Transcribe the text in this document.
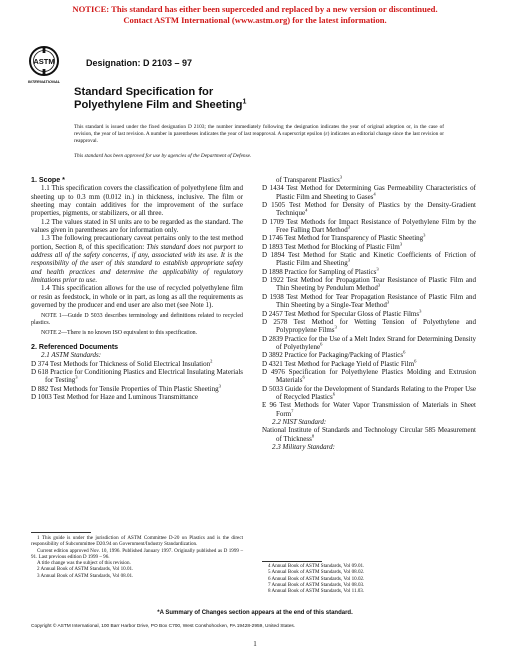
NOTICE: This standard has either been superceded and replaced by a new version or discontinued.
Contact ASTM International (www.astm.org) for the latest information.
ASTM
INTERNATIONAL
Designation: D 2103 – 97
Standard Specification for
Polyethylene Film and Sheeting$^1$
This standard is issued under the fixed designation D 2103; the number immediately following the designation indicates the year of original adoption or, in the case of revision, the year of last revision. A number in parentheses indicates the year of last reapproval. A superscript epsilon (ε) indicates an editorial change since the last revision or reapproval.
This standard has been approved for use by agencies of the Department of Defense.

1. Scope *

1.1 This specification covers the classification of polyethylene film and sheeting up to 0.3 mm (0.012 in.) in thickness, inclusive. The film or sheeting may contain additives for the improvement of the surface properties, pigments, or stabilizers, or all three.

1.2 The values stated in SI units are to be regarded as the standard. The values given in parentheses are for information only.

1.3 The following precautionary caveat pertains only to the test method portion, Section 8, of this specification: This standard does not purport to address all of the safety concerns, if any, associated with its use. It is the responsibility of the user of this standard to establish appropriate safety and health practices and determine the applicability of regulatory limitations prior to use.

1.4 This specification allows for the use of recycled polyethylene film or resin as feedstock, in whole or in part, as long as all the requirements as governed by the producer and end user are also met (see Note 1).

NOTE 1—Guide D 5033 describes terminology and definitions related to recycled plastics.

NOTE 2—There is no known ISO equivalent to this specification.

2. Referenced Documents

2.1 ASTM Standards:

D 374 Test Methods for Thickness of Solid Electrical Insulation$^2$

D 618 Practice for Conditioning Plastics and Electrical Insulating Materials for Testing$^3$

D 882 Test Methods for Tensile Properties of Thin Plastic Sheeting$^3$

D 1003 Test Method for Haze and Luminous Transmittance

of Transparent Plastics$^3$

D 1434 Test Method for Determining Gas Permeability Characteristics of Plastic Film and Sheeting to Gases$^4$

D 1505 Test Method for Density of Plastics by the Density-Gradient Technique$^4$

D 1709 Test Methods for Impact Resistance of Polyethylene Film by the Free Falling Dart Method$^3$

D 1746 Test Method for Transparency of Plastic Sheeting$^3$

D 1893 Test Method for Blocking of Plastic Film$^3$

D 1894 Test Method for Static and Kinetic Coefficients of Friction of Plastic Film and Sheeting$^3$

D 1898 Practice for Sampling of Plastics$^3$

D 1922 Test Method for Propagation Tear Resistance of Plastic Film and Thin Sheeting by Pendulum Method$^3$

D 1938 Test Method for Tear Propagation Resistance of Plastic Film and Thin Sheeting by a Single-Tear Method$^3$

D 2457 Test Method for Specular Gloss of Plastic Films$^3$

D 2578 Test Method for Wetting Tension of Polyethylene and Polypropylene Films$^3$

D 2839 Practice for the Use of a Melt Index Strand for Determining Density of Polyethylene$^6$

D 3892 Practice for Packaging/Packing of Plastics$^6$

D 4321 Test Method for Package Yield of Plastic Film$^6$

D 4976 Specification for Polyethylene Plastics Molding and Extrusion Materials$^6$

D 5033 Guide for the Development of Standards Relating to the Proper Use of Recycled Plastics$^6$

E 96 Test Methods for Water Vapor Transmission of Materials in Sheet Form$^7$

2.2 NIST Standard:

National Institute of Standards and Technology Circular 585 Measurement of Thickness$^8$

2.3 Military Standard:

1 This guide is under the jurisdiction of ASTM Committee D-20 on Plastics and is the direct responsibility of Subcommittee D20.94 on Government/Industry Standardization.

Current edition approved Nov. 10, 1996. Published January 1997. Originally published as D 1999 – 91. Last previous edition D 1999 – 96.

A title change was the subject of this revision.

2 Annual Book of ASTM Standards, Vol 10.01.

3 Annual Book of ASTM Standards, Vol 08.01.

4 Annual Book of ASTM Standards, Vol 09.01.

5 Annual Book of ASTM Standards, Vol 08.02.

6 Annual Book of ASTM Standards, Vol 10.02.

7 Annual Book of ASTM Standards, Vol 08.03.

8 Annual Book of ASTM Standards, Vol 11.03.

*A Summary of Changes section appears at the end of this standard.
Copyright © ASTM International, 100 Barr Harbor Drive, PO Box C700, West Conshohocken, PA 19428-2959, United States.
1
